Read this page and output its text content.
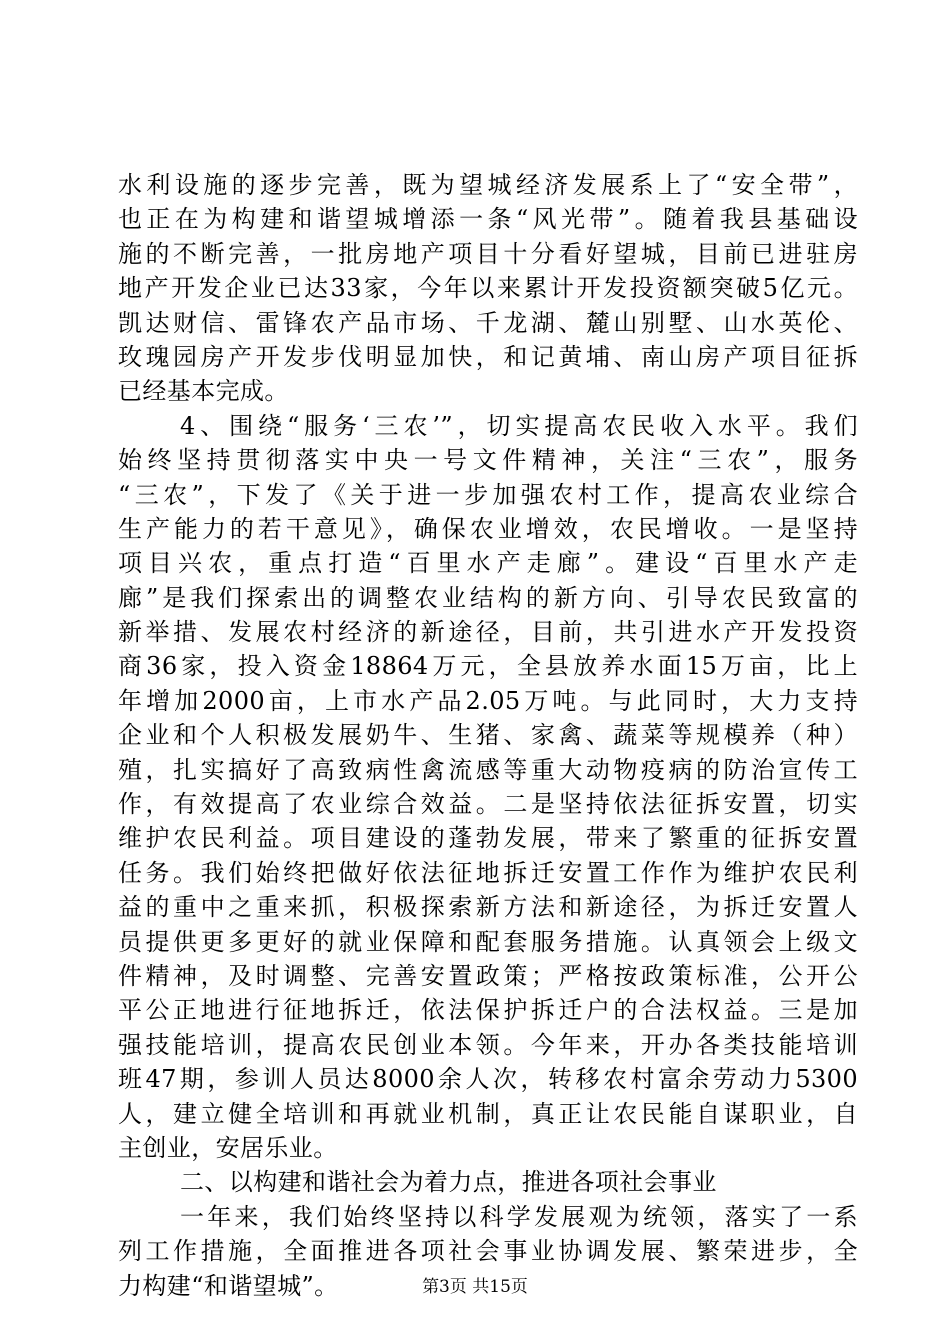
水利设施的逐步完善，既为望城经济发展系上了“安全带”，
也正在为构建和谐望城增添一条“风光带”。随着我县基础设
施的不断完善，一批房地产项目十分看好望城，目前已进驻房
地产开发企业已达33家，今年以来累计开发投资额突破5亿元。
凯达财信、雷锋农产品市场、千龙湖、麓山别墅、山水英伦、
玫瑰园房产开发步伐明显加快，和记黄埔、南山房产项目征拆
已经基本完成。
4、围绕“服务‘三农’”，切实提高农民收入水平。我们
始终坚持贯彻落实中央一号文件精神，关注“三农”，服务
“三农”，下发了《关于进一步加强农村工作，提高农业综合
生产能力的若干意见》，确保农业增效，农民增收。一是坚持
项目兴农，重点打造“百里水产走廊”。建设“百里水产走
廊”是我们探索出的调整农业结构的新方向、引导农民致富的
新举措、发展农村经济的新途径，目前，共引进水产开发投资
商36家，投入资金18864万元，全县放养水面15万亩，比上
年增加2000亩，上市水产品2.05万吨。与此同时，大力支持
企业和个人积极发展奶牛、生猪、家禽、蔬菜等规模养（种）
殖，扎实搞好了高致病性禽流感等重大动物疫病的防治宣传工
作，有效提高了农业综合效益。二是坚持依法征拆安置，切实
维护农民利益。项目建设的蓬勃发展，带来了繁重的征拆安置
任务。我们始终把做好依法征地拆迁安置工作作为维护农民利
益的重中之重来抓，积极探索新方法和新途径，为拆迁安置人
员提供更多更好的就业保障和配套服务措施。认真领会上级文
件精神，及时调整、完善安置政策；严格按政策标准，公开公
平公正地进行征地拆迁，依法保护拆迁户的合法权益。三是加
强技能培训，提高农民创业本领。今年来，开办各类技能培训
班47期，参训人员达8000余人次，转移农村富余劳动力5300
人，建立健全培训和再就业机制，真正让农民能自谋职业，自
主创业，安居乐业。
二、以构建和谐社会为着力点，推进各项社会事业
一年来，我们始终坚持以科学发展观为统领，落实了一系
列工作措施，全面推进各项社会事业协调发展、繁荣进步，全
力构建“和谐望城”。	第3页 共15页
